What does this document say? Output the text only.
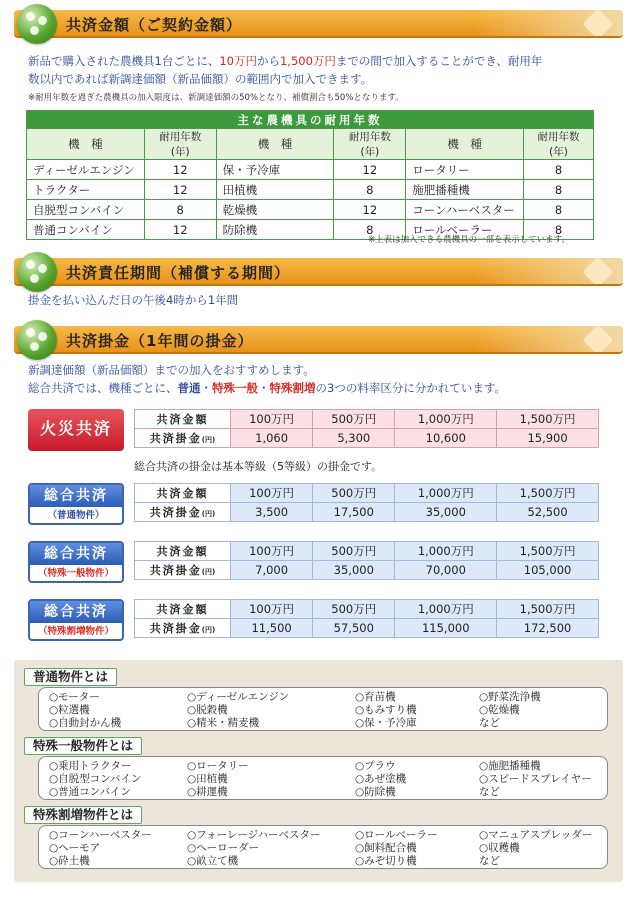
共済金額（ご契約金額）
新品で購入された農機具1台ごとに、10万円から1,500万円までの間で加入することができ、耐用年
数以内であれば新調達価額（新品価額）の範囲内で加入できます。
※耐用年数を過ぎた農機具の加入限度は、新調達価額の50%となり、補償割合も50%となります。
主な農機具の耐用年数					
機　種	耐用年数(年)	機　種	耐用年数(年)	機　種	耐用年数(年)
ディーゼルエンジン	12	保・予冷庫	12	ロータリー	8
トラクター	12	田植機	8	施肥播種機	8
自脱型コンバイン	8	乾燥機	12	コーンハーベスター	8
普通コンバイン	12	防除機	8	ロールベーラー	8
※上表は加入できる農機具の一部を表示しています。
共済責任期間（補償する期間）
掛金を払い込んだ日の午後4時から1年間
共済掛金（1年間の掛金）
新調達価額（新品価額）までの加入をおすすめします。
総合共済では、機種ごとに、普通・特殊一般・特殊割増の3つの料率区分に分かれています。
火災共済	共済金額	100万円	500万円	1,000万円	1,500万円
共済掛金(円)	1,060	5,300	10,600	15,900
総合共済の掛金は基本等級（5等級）の掛金です。
総合共済
（普通物件）
共済金額	100万円	500万円	1,000万円	1,500万円
共済掛金(円)	3,500	17,500	35,000	52,500
総合共済
（特殊一般物件）
共済金額	100万円	500万円	1,000万円	1,500万円
共済掛金(円)	7,000	35,000	70,000	105,000
総合共済
（特殊割増物件）
共済金額	100万円	500万円	1,000万円	1,500万円
共済掛金(円)	11,500	57,500	115,000	172,500
普通物件とは
○モーター
○粒選機
○自動封かん機
○ディーゼルエンジン
○脱穀機
○精米・精麦機
○育苗機
○もみすり機
○保・予冷庫
○野菜洗浄機
○乾燥機
など
特殊一般物件とは
○乗用トラクター
○自脱型コンバイン
○普通コンバイン
○ロータリー
○田植機
○耕運機
○プラウ
○あぜ塗機
○防除機
○施肥播種機
○スピードスプレイヤー
など
特殊割増物件とは
○コーンハーベスター
○ヘーモア
○砕土機
○フォーレージハーベスター
○ヘーローダー
○畝立て機
○ロールベーラー
○飼料配合機
○みぞ切り機
○マニュアスプレッダー
○収穫機
など
